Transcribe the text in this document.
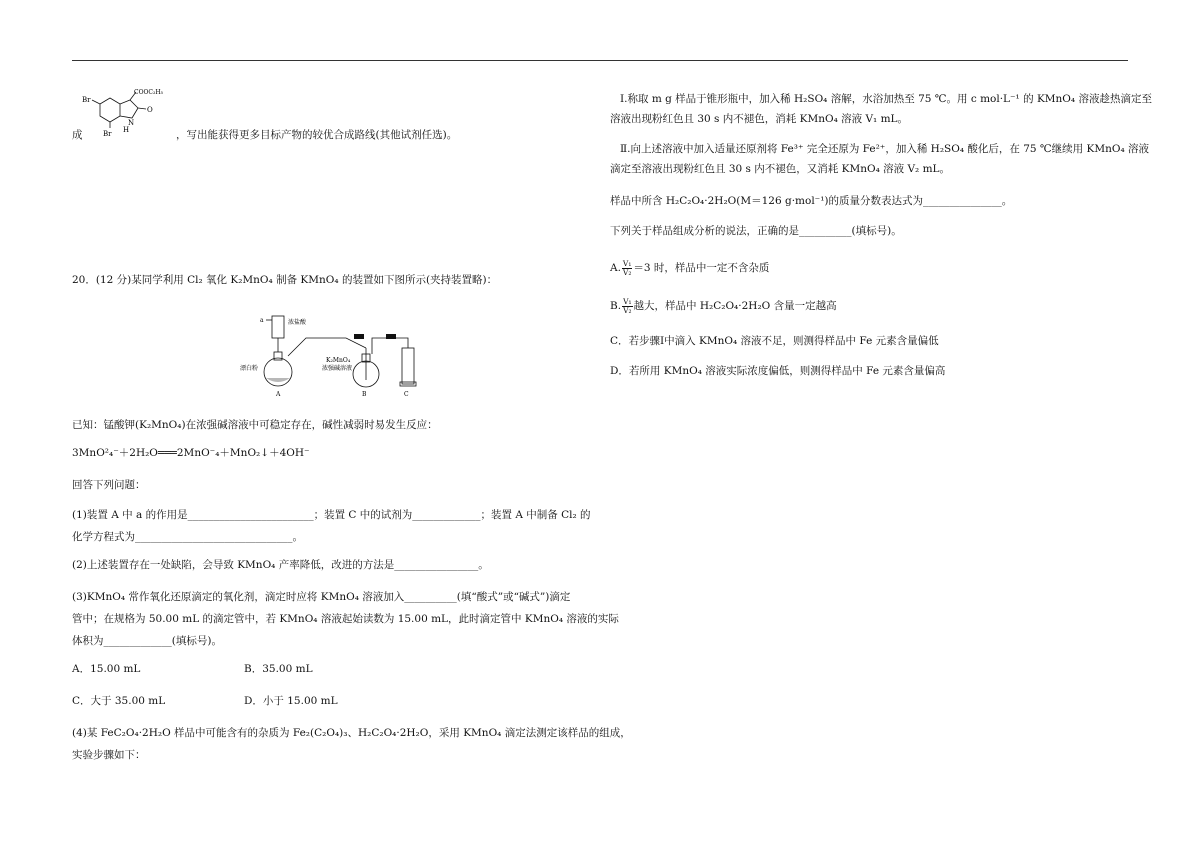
COOC₂H₅
Br
Br
N
H
O
成	，写出能获得更多目标产物的较优合成路线(其他试剂任选)。
20．(12 分)某同学利用 Cl₂ 氧化 K₂MnO₄ 制备 KMnO₄ 的装置如下图所示(夹持装置略)：
a	浓盐酸
漂白粉
A
K₂MnO₄
浓强碱溶液
B	C
已知：锰酸钾(K₂MnO₄)在浓强碱溶液中可稳定存在，碱性减弱时易发生反应：
3MnO²₄⁻＋2H₂O═══2MnO⁻₄＋MnO₂↓＋4OH⁻
回答下列问题：
(1)装置 A 中 a 的作用是________________________；装置 C 中的试剂为_____________；装置 A 中制备 Cl₂ 的
化学方程式为______________________________。
(2)上述装置存在一处缺陷，会导致 KMnO₄ 产率降低，改进的方法是________________。
(3)KMnO₄ 常作氧化还原滴定的氧化剂，滴定时应将 KMnO₄ 溶液加入__________(填“酸式”或“碱式”)滴定
管中；在规格为 50.00 mL 的滴定管中，若 KMnO₄ 溶液起始读数为 15.00 mL，此时滴定管中 KMnO₄ 溶液的实际
体积为_____________(填标号)。
A．15.00 mL	B．35.00 mL
C．大于 35.00 mL	D．小于 15.00 mL
(4)某 FeC₂O₄·2H₂O 样品中可能含有的杂质为 Fe₂(C₂O₄)₃、H₂C₂O₄·2H₂O，采用 KMnO₄ 滴定法测定该样品的组成，
实验步骤如下：
Ⅰ.称取 m g 样品于锥形瓶中，加入稀 H₂SO₄ 溶解，水浴加热至 75 ℃。用 c mol·L⁻¹ 的 KMnO₄ 溶液趁热滴定至
溶液出现粉红色且 30 s 内不褪色，消耗 KMnO₄ 溶液 V₁ mL。
Ⅱ.向上述溶液中加入适量还原剂将 Fe³⁺ 完全还原为 Fe²⁺，加入稀 H₂SO₄ 酸化后，在 75 ℃继续用 KMnO₄ 溶液
滴定至溶液出现粉红色且 30 s 内不褪色，又消耗 KMnO₄ 溶液 V₂ mL。
样品中所含 H₂C₂O₄·2H₂O(M＝126 g·mol⁻¹)的质量分数表达式为_______________。
下列关于样品组成分析的说法，正确的是__________(填标号)。
A. $\frac{\text{V₁}}{\text{V₂}} =3$ 时，样品中一定不含杂质
B. $\frac{\text{V₁}}{\text{V₂}}$ 越大，样品中 H₂C₂O₄·2H₂O 含量一定越高
C．若步骤Ⅰ中滴入 KMnO₄ 溶液不足，则测得样品中 Fe 元素含量偏低
D．若所用 KMnO₄ 溶液实际浓度偏低，则测得样品中 Fe 元素含量偏高
